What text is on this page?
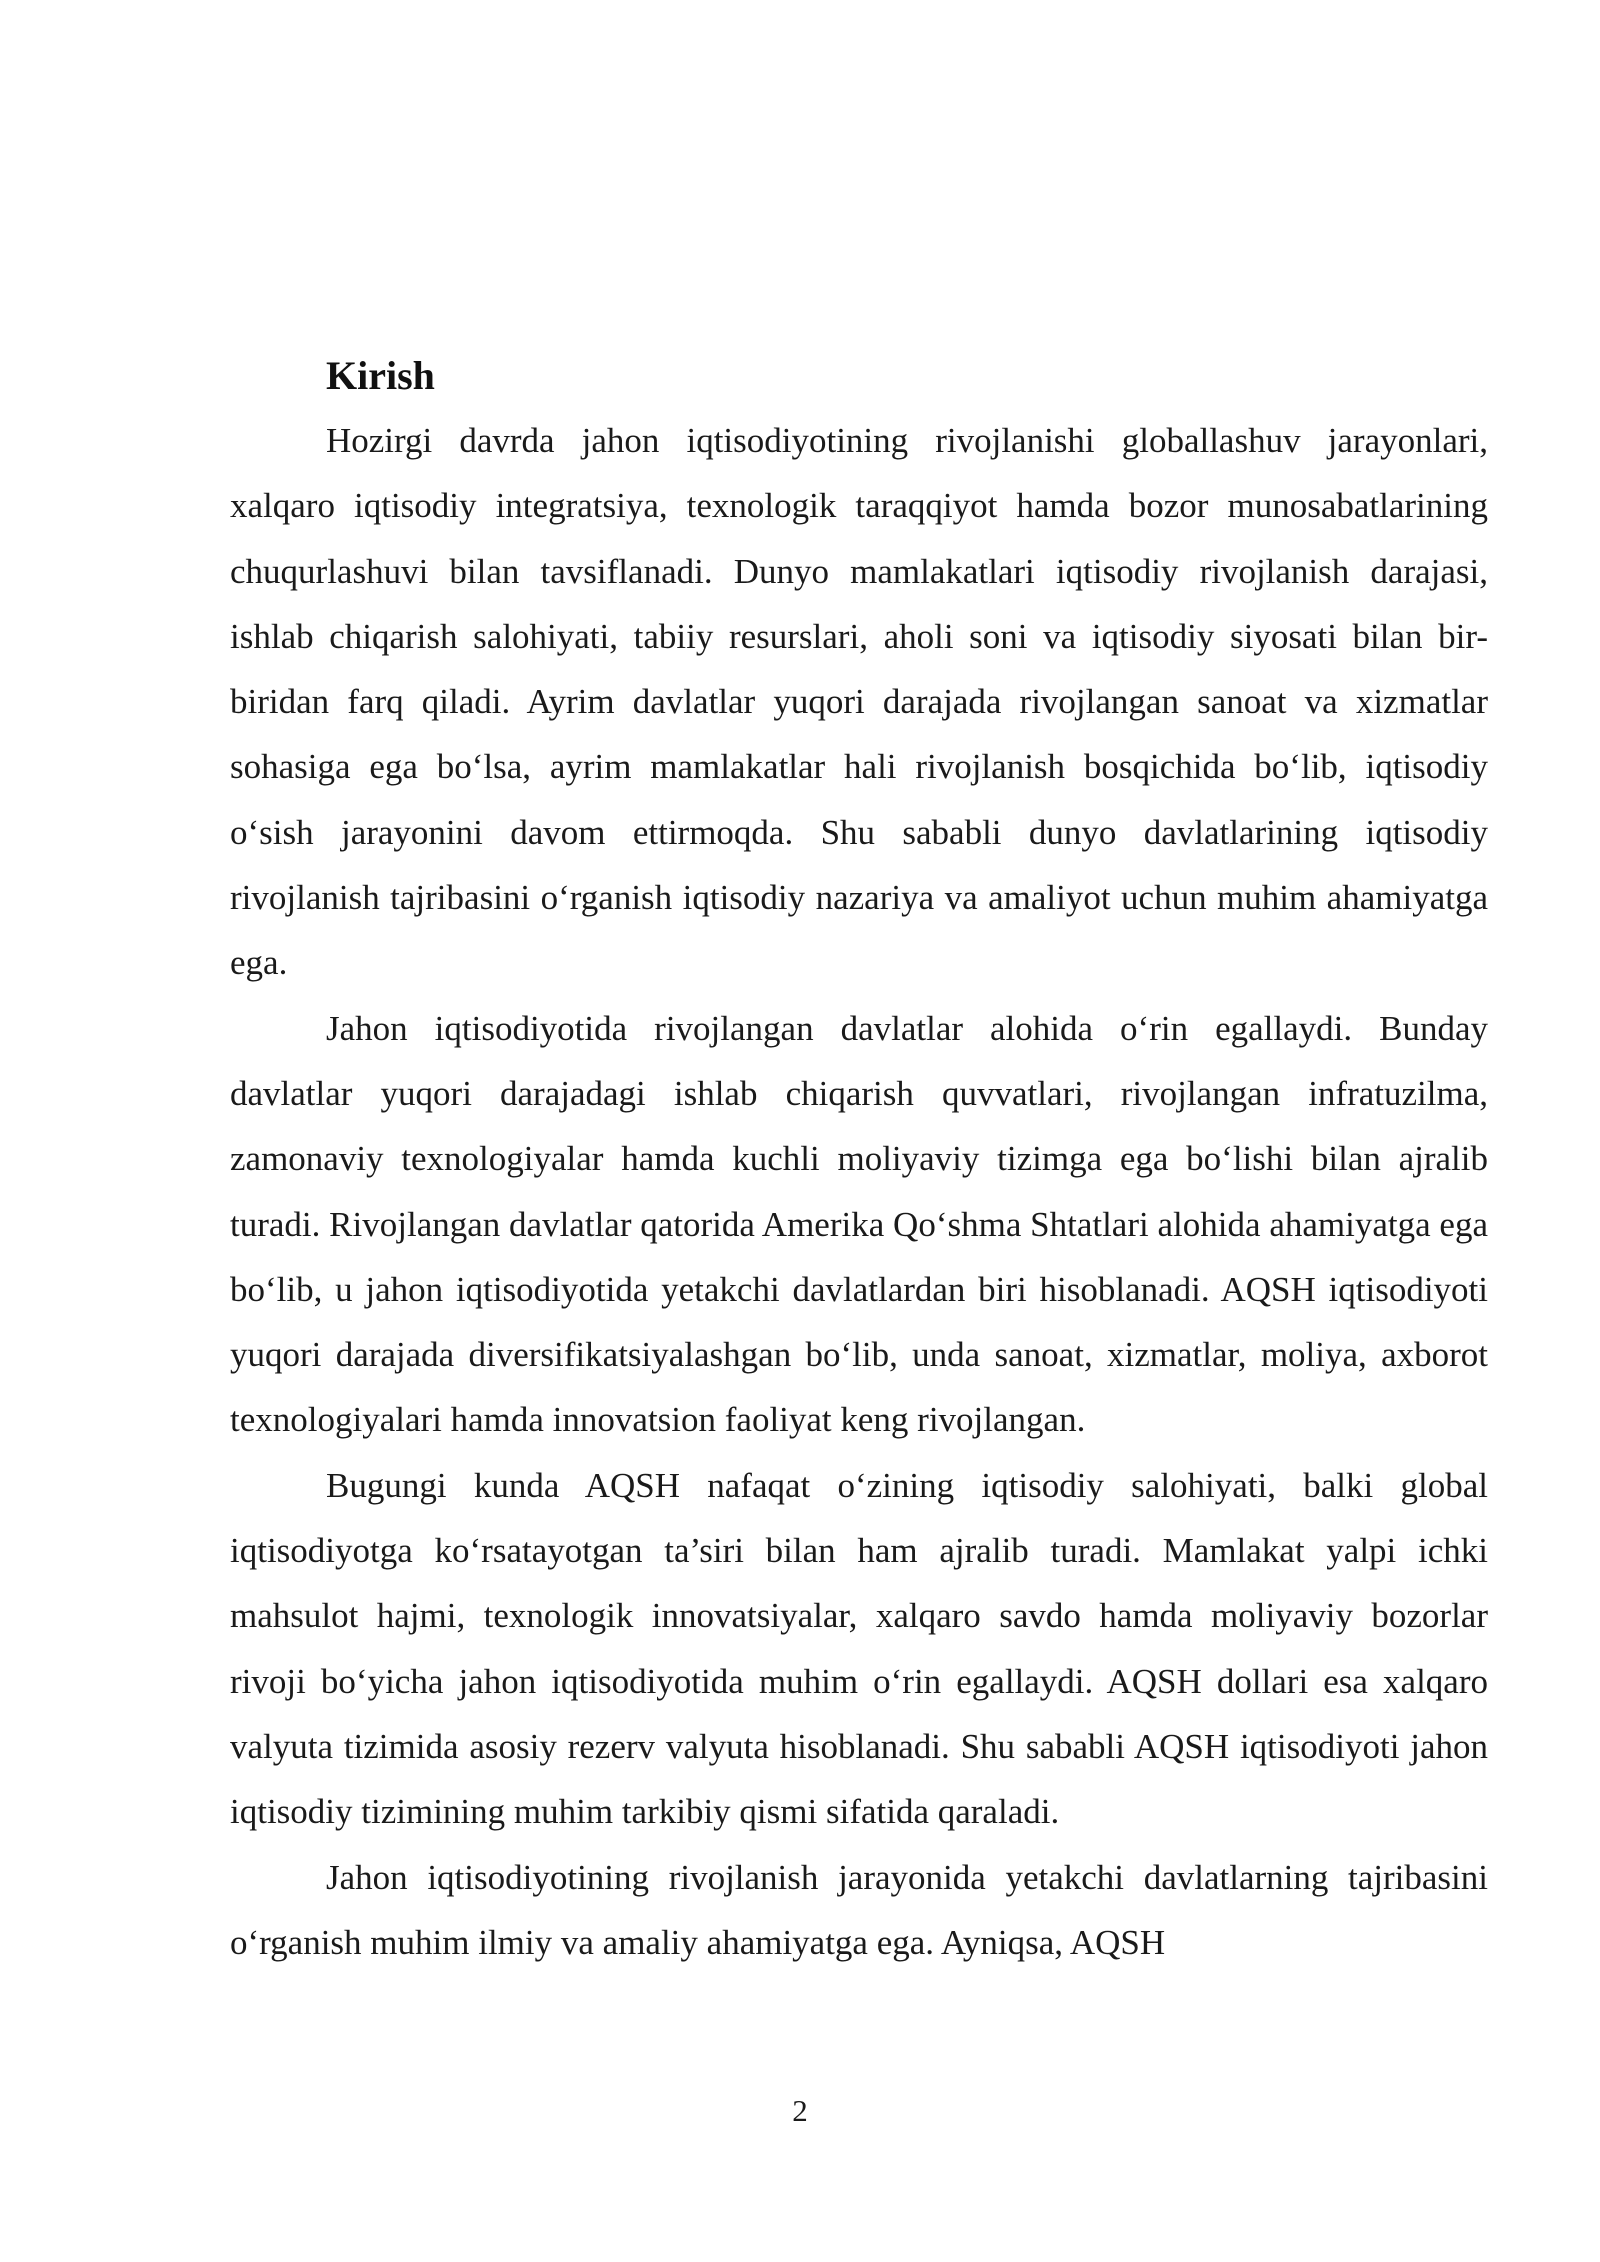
Kirish

Hozirgi davrda jahon iqtisodiyotining rivojlanishi globallashuv jarayonlari, xalqaro iqtisodiy integratsiya, texnologik taraqqiyot hamda bozor munosabatlarining chuqurlashuvi bilan tavsiflanadi. Dunyo mamlakatlari iqtisodiy rivojlanish darajasi, ishlab chiqarish salohiyati, tabiiy resurslari, aholi soni va iqtisodiy siyosati bilan bir-biridan farq qiladi. Ayrim davlatlar yuqori darajada rivojlangan sanoat va xizmatlar sohasiga ega bo‘lsa, ayrim mamlakatlar hali rivojlanish bosqichida bo‘lib, iqtisodiy o‘sish jarayonini davom ettirmoqda. Shu sababli dunyo davlatlarining iqtisodiy rivojlanish tajribasini o‘rganish iqtisodiy nazariya va amaliyot uchun muhim ahamiyatga ega.

Jahon iqtisodiyotida rivojlangan davlatlar alohida o‘rin egallaydi. Bunday davlatlar yuqori darajadagi ishlab chiqarish quvvatlari, rivojlangan infratuzilma, zamonaviy texnologiyalar hamda kuchli moliyaviy tizimga ega bo‘lishi bilan ajralib turadi. Rivojlangan davlatlar qatorida Amerika Qo‘shma Shtatlari alohida ahamiyatga ega bo‘lib, u jahon iqtisodiyotida yetakchi davlatlardan biri hisoblanadi. AQSH iqtisodiyoti yuqori darajada diversifikatsiyalashgan bo‘lib, unda sanoat, xizmatlar, moliya, axborot texnologiyalari hamda innovatsion faoliyat keng rivojlangan.

Bugungi kunda AQSH nafaqat o‘zining iqtisodiy salohiyati, balki global iqtisodiyotga ko‘rsatayotgan ta’siri bilan ham ajralib turadi. Mamlakat yalpi ichki mahsulot hajmi, texnologik innovatsiyalar, xalqaro savdo hamda moliyaviy bozorlar rivoji bo‘yicha jahon iqtisodiyotida muhim o‘rin egallaydi. AQSH dollari esa xalqaro valyuta tizimida asosiy rezerv valyuta hisoblanadi. Shu sababli AQSH iqtisodiyoti jahon iqtisodiy tizimining muhim tarkibiy qismi sifatida qaraladi.

Jahon iqtisodiyotining rivojlanish jarayonida yetakchi davlatlarning tajribasini o‘rganish muhim ilmiy va amaliy ahamiyatga ega. Ayniqsa, AQSH

2
